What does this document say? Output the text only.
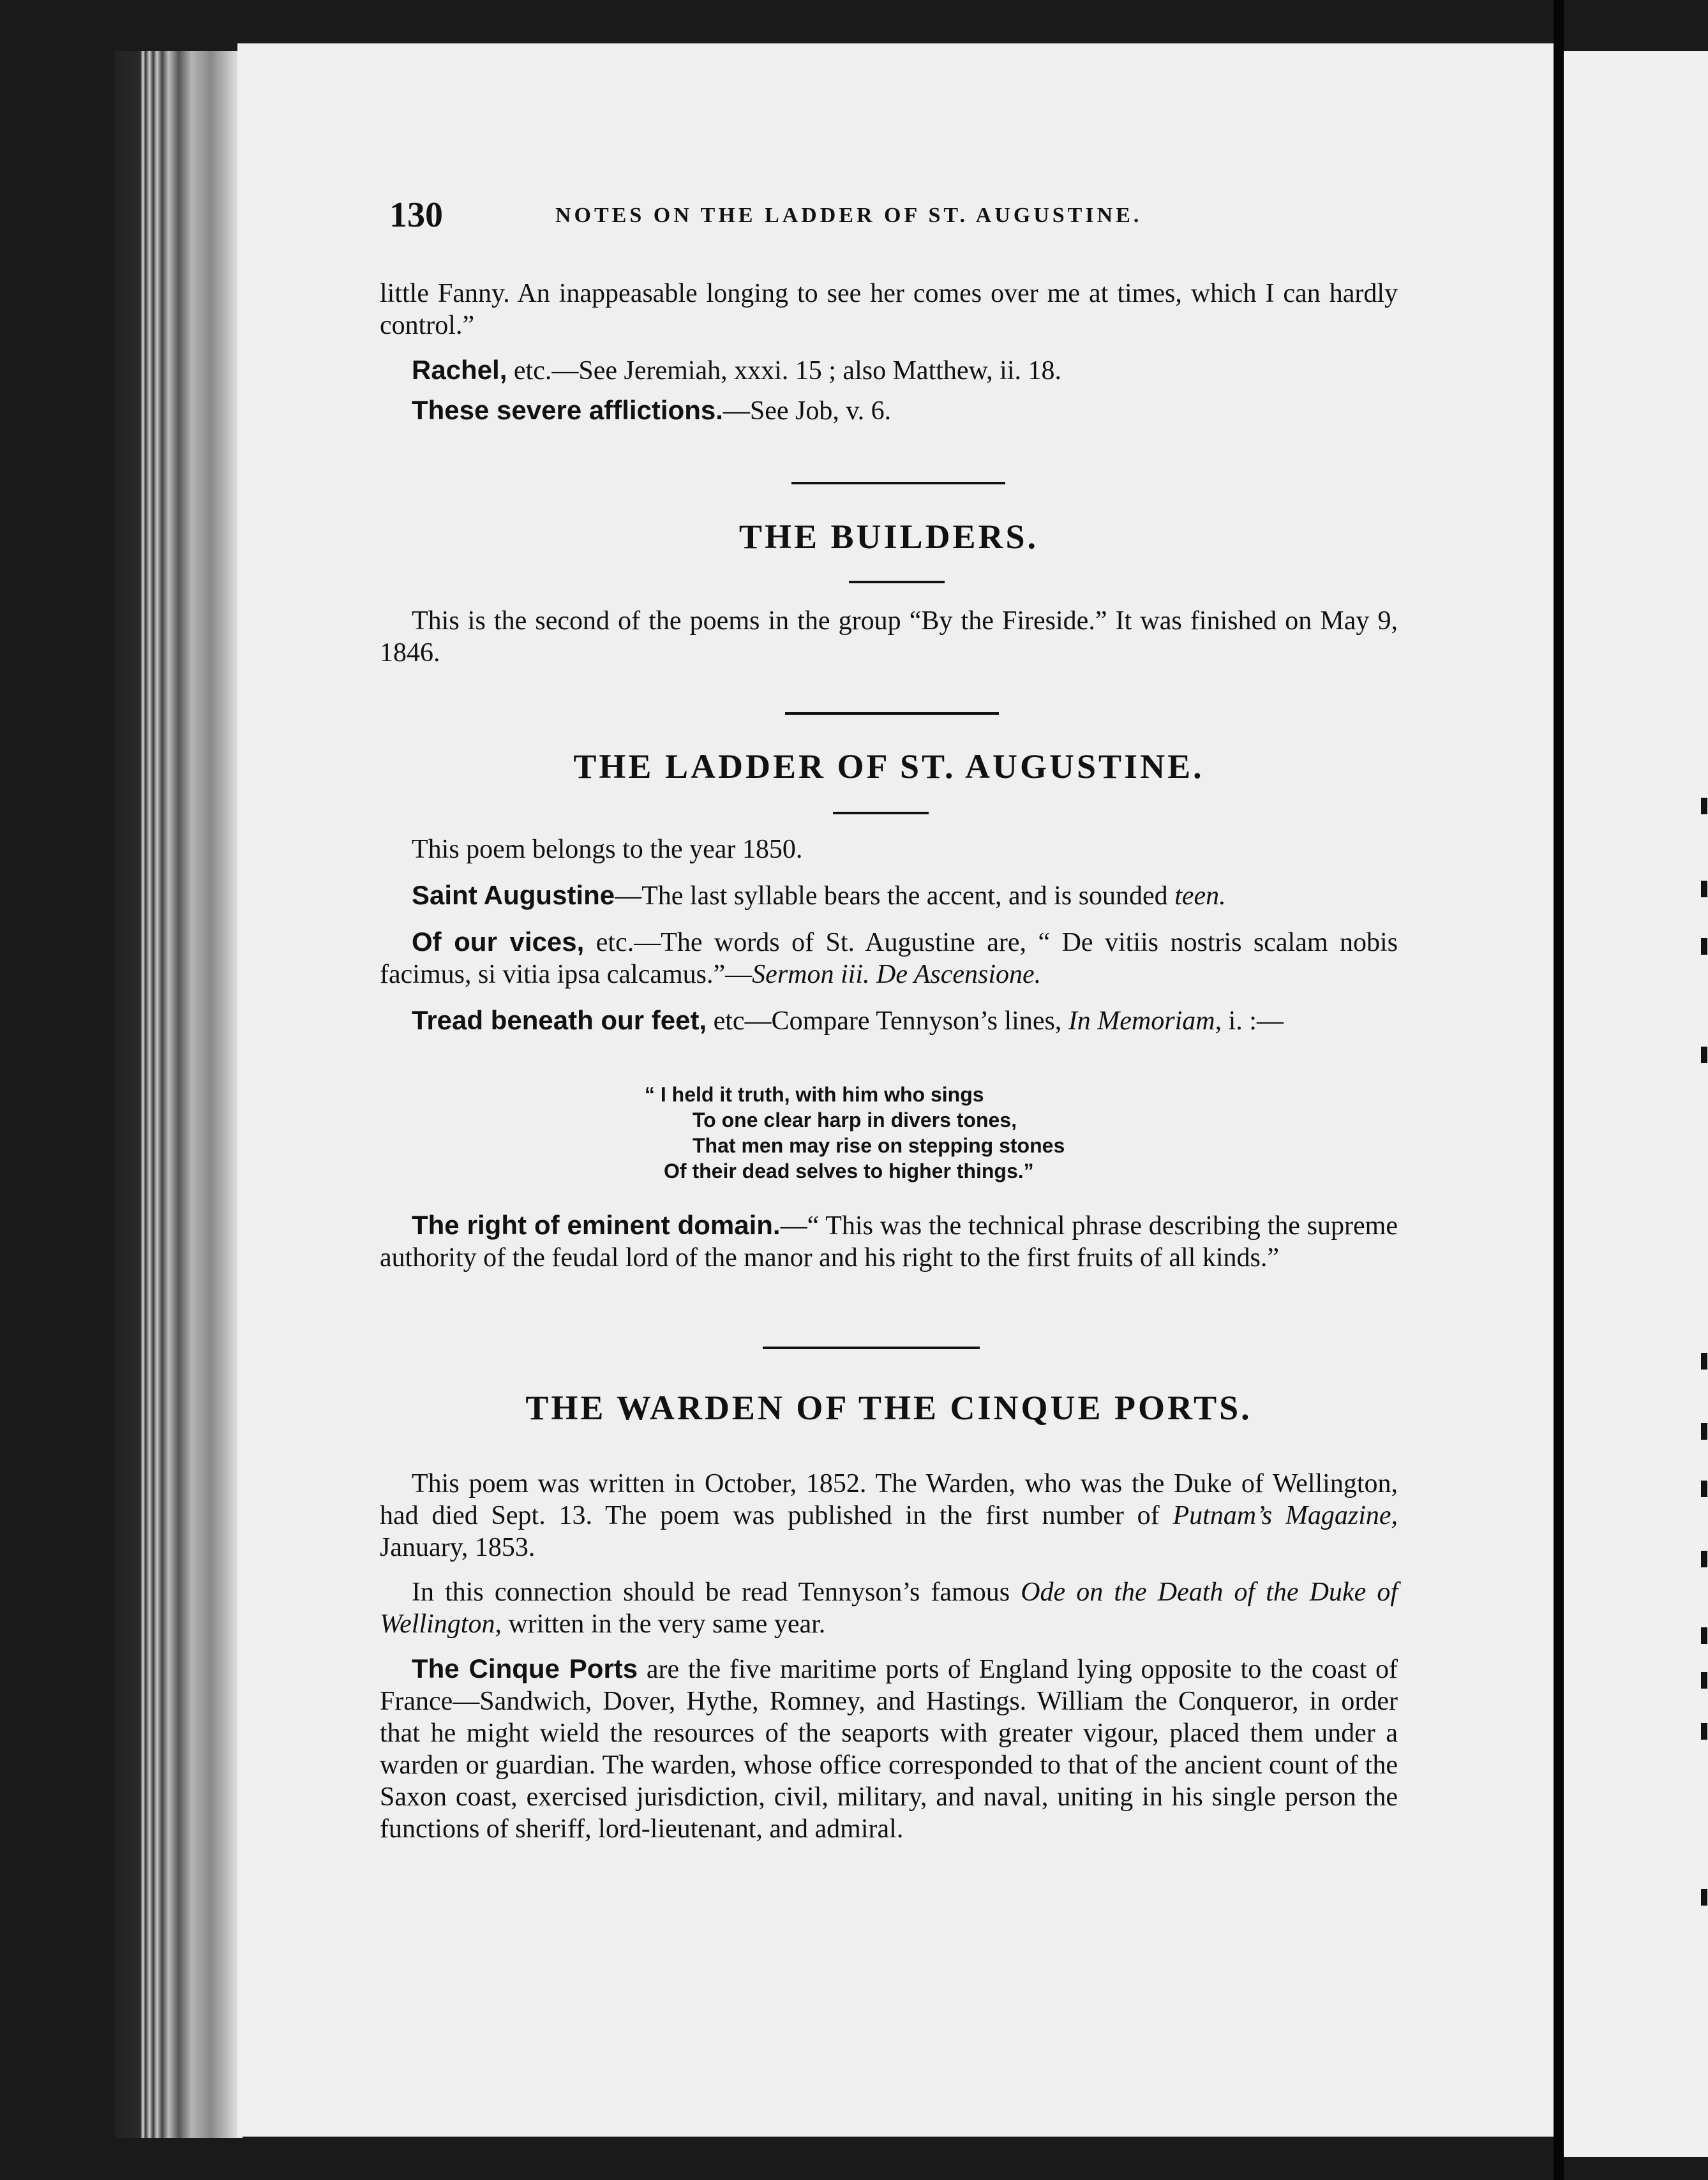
130	NOTES ON THE LADDER OF ST. AUGUSTINE.

little Fanny. An inappeasable longing to see her comes over me at times, which I can hardly control.”

Rachel, etc.—See Jeremiah, xxxi. 15 ; also Matthew, ii. 18.

These severe afflictions.—See Job, v. 6.

THE BUILDERS.

This is the second of the poems in the group “By the Fireside.” It was finished on May 9, 1846.

THE LADDER OF ST. AUGUSTINE.

This poem belongs to the year 1850.

Saint Augustine—The last syllable bears the accent, and is sounded teen.

Of our vices, etc.—The words of St. Augustine are, “ De vitiis nostris scalam nobis facimus, si vitia ipsa calcamus.”—Sermon iii. De Ascensione.

Tread beneath our feet, etc—Compare Tennyson’s lines, In Memoriam, i. :—

“ I held it truth, with him who sings
To one clear harp in divers tones,
That men may rise on stepping stones
Of their dead selves to higher things.”

The right of eminent domain.—“ This was the technical phrase describing the supreme authority of the feudal lord of the manor and his right to the first fruits of all kinds.”

THE WARDEN OF THE CINQUE PORTS.

This poem was written in October, 1852. The Warden, who was the Duke of Wellington, had died Sept. 13. The poem was published in the first number of Putnam’s Magazine, January, 1853.

In this connection should be read Tennyson’s famous Ode on the Death of the Duke of Wellington, written in the very same year.

The Cinque Ports are the five maritime ports of England lying opposite to the coast of France—Sandwich, Dover, Hythe, Romney, and Hastings. William the Conqueror, in order that he might wield the resources of the seaports with greater vigour, placed them under a warden or guardian. The warden, whose office corresponded to that of the ancient count of the Saxon coast, exercised jurisdiction, civil, military, and naval, uniting in his single person the functions of sheriff, lord-lieutenant, and admiral.
